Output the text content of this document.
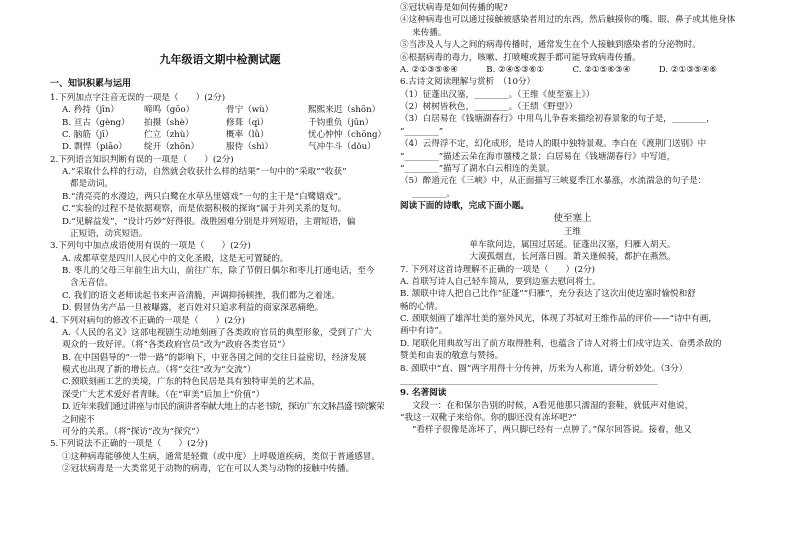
九年级语文期中检测试题
一、知识积累与运用
1.下列加点字注音无误的一项是（　　）(2分)
A. 矜持（jīn）	啼鸣（gōo）	骨宁（wù）	熙熙来迟（shōn）
B. 亘古（gèng）	拍摄（shè）	修葺（qì）	千钧重负（jūn）
C. 脑筋（jī）	伫立（zhù）	概率（lǜ）	忧心忡忡（chōng）
D. 剽悍（piāo）	绽开（zhōn）	服侍（shì）	气冲牛斗（dǒu）
2.下列语言知识判断有误的一项是（　　）(2分)
A.“采取什么样的行动，自然就会收获什么样的结果”一句中的“采取”“收获”
都是动词。
B.“清亮亮的水漫边，两只白鹭在水草丛里嬉戏”一句的主干是“白鹭嬉戏”。
C.“实验的过程不是依据观察，而是依据积极的探询”属于并列关系的复句。
D.“见解益发”，“设计巧妙”好得很。战胜困难分别是并列短语，主谓短语，偏
正短语，动宾短语。
3.下列句中加点成语使用有误的一项是（　　）(2分)
A. 成都草堂是四川人民心中的文化圣殿，这是无可置疑的。
B. 枣儿的父母三年前生出大山，前往广东，除了节假日偶尔和枣儿打通电话，至今
含无音信。
C. 我们的语文老师读起书来声音清脆，声调抑扬顿挫，我们都为之着迷。
D. 假冒伪劣产品一旦被曝露，老百姓对只追求利益的商家深恶痛绝。
4. 下列对病句的修改不正确的一项是（　　）(2分)
A.《人民的名义》这部电视剧生动地刻画了各类政府官员的典型形象，受到了广大
观众的一致好评。（将“各类政府官员”改为“政府各类官员”）
B. 在中国倡导的“一带一路”的影响下，中亚各国之间的交往日益密切，经济发展
模式也出现了新的增长点。（将“交往”改为“交流”）
C.颈联刻画工艺的美境，广东的特色民居是具有独特审美的艺术品，
深受广大艺术爱好者青睐。（在“审美”后加上“价值”）
D. 近年来我们通过讲座与市民的演讲者奉献大地上的古老书院，探访广东文脉昌盛书院繁荣之间密不
可分的关系。（将“探访”改为“探究”）
5.下列说法不正确的一项是（　　）(2分)
①这种病毒能够使人生病，通常是轻微（或中度）上呼吸道疾病，类似于普通感冒。
②冠状病毒是一大类常见于动物的病毒，它在可以人类与动物的接触中传播。
③冠状病毒是如何传播的呢?
④这种病毒也可以通过接触被感染者用过的东西，然后触摸你的嘴、眼、鼻子或其他身体
来传播。
⑤当涉及人与人之间的病毒传播时，通常发生在个人接触到感染者的分泌物时。
⑥根据病毒的毒力，咳嗽、打喷嚏或握手都可能导致病毒传播。
A. ②①③⑤⑥④	B. ②④⑤③⑥①	C. ②①⑤⑥③④	D. ②①③⑤④⑥
6.古诗文阅读理解与赏析　（10分）
（1）征蓬出汉塞，________。（王维《使至塞上》）
（2）树树皆秋色，________。（王绩《野望》）
（3）白居易在《钱塘湖春行》中用鸟儿争春来描绘初春景象的句子是，________，
“________”
（4）云得浮不定，幻化成形，是诗人的眼中独特景观。李白在《渡荆门送别》中
“________”描述云朵在海市蜃楼之景；白居易在《钱塘湖春行》中写道，
“________”描写了湖水白云相连的美景。
（5）醉道元在《三峡》中，从正面描写三峡夏季江水暴涨，水流湍急的句子是：
________。
阅读下面的诗歌，完成下面小题。
使至塞上
王维
单车欲问边，属国过居延。征蓬出汉塞，归雁入胡天。
大漠孤烟直，长河落日圆。萧关逢候骑，都护在燕然。
7. 下列对这首诗理解不正确的一项是（　　）(2分)
A. 首联写诗人自己轻车简从，要到边塞去慰问将士。
B. 颔联中诗人把自己比作“征蓬”“归雁”，充分表达了这次出使边塞时愉悦和舒
畅的心情。
C. 颈联刻画了雄浑壮美的塞外风光，体现了苏轼对王维作品的评价——“诗中有画，
画中有诗”。
D. 尾联化用典故写出了前方取得胜利，也蕴含了诗人对将士们戍守边关、奋勇杀敌的
赞美和由衷的敬意与赞扬。
8. 颈联中“直、圆”两字用得十分传神，历来为人称道，请分析妙处。（3分）
____________________________________________________________
9. 名著阅读
文段一：在和保尔告别的时候，A看见他那只濡湿的套鞋，就低声对他说，
“我这一双靴子来给你。你的脚还没有冻坏吧?”
“看样子很像是冻坏了，两只脚已经有一点肿了。”保尔回答说。接着，他又
